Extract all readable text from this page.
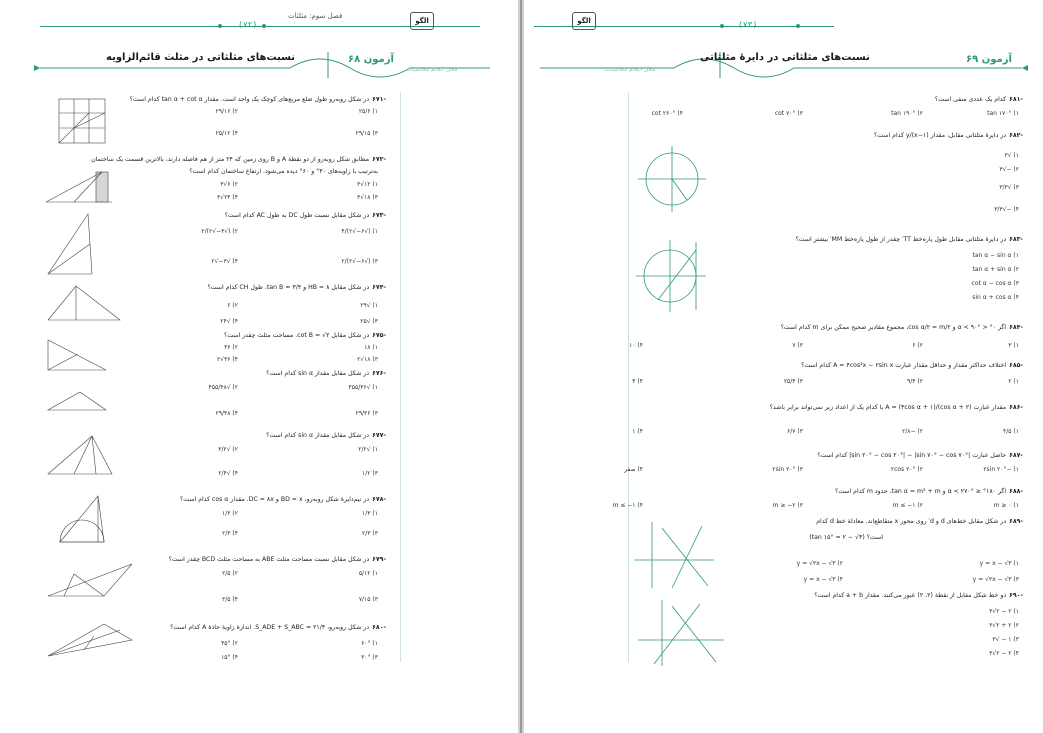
(۷۲)
فصل سوم: مثلثات
الگو
نسبت‌های مثلثاتی در مثلث قائم‌الزاویه	آزمون ۶۸
محل انجام محاسبات
-۶۷۱در شکل روبه‌رو طول ضلع مربع‌های کوچک یک واحد است. مقدار tan α + cot α کدام است؟
۱) ۲۵/۶
۲) ۲۹/۱۶
۳) ۲۹/۱۵
۴) ۲۵/۱۲
-۶۷۲مطابق شکل روبه‌رو از دو نقطهٔ A و B روی زمین که ۲۴ متر از هم فاصله دارند، بالاترین قسمت یک ساختمان
به‌ترتیب با زاویه‌های ۳۰° و ۶۰° دیده می‌شود. ارتفاع ساختمان کدام است؟
۱) ۱۲√۳
۲) ۶√۳
۳) ۱۸√۳
۴) ۲۴√۳
-۶۷۳در شکل مقابل نسبت طول DC به طول AC کدام است؟
۱) (√۶−√۲)/۴
۲) (√۳−√۲)/۲
۳) (√۶−√۲)/۲
۴) √۳−√۲
-۶۷۴در شکل مقابل HB = ۸ و tan B = ۳/۴، طول CH کدام است؟
۱) √۲۹
۲) ۶
۳) √۲۵
۴) √۲۴
-۶۷۵در شکل مقابل cot B = √۲. مساحت مثلث چقدر است؟
۱) ۱۸
۲) ۳۶
۳) ۱۸√۲
۴) ۳۶√۲
-۶۷۶در شکل مقابل مقدار sin α کدام است؟
۱) √۴۵۵/۳۶
۲) √۴۵۵/۴۸
۳) ۲۹/۳۶
۴) ۲۹/۴۸
-۶۷۷در شکل مقابل مقدار sin α کدام است؟
۱) √۲/۲
۲) √۳/۲
۳) ۱/۲
۴) √۲/۴
-۶۷۸در نیم‌دایرهٔ شکل روبه‌رو، BD = x و DC = ۸x. مقدار cos α کدام است؟
۱) ۱/۳
۲) ۱/۳
۳) ۲/۳
۴) ۲/۳
-۶۷۹در شکل مقابل نسبت مساحت مثلث ABE به مساحت مثلث BCD چقدر است؟
۱) ۵/۱۲
۲) ۲/۵
۳) ۷/۱۵
۴) ۳/۵
-۶۸۰در شکل روبه‌رو، S_ADE + S_ABC = ۲۱/۴. اندازهٔ زاویهٔ حادهٔ A کدام است؟
۱) ۶۰°
۲) ۴۵°
۳) ۳۰°
۴) ۱۵°
(۷۳)
الگو
نسبت‌های مثلثاتی در دایرهٔ مثلثاتی	آزمون ۶۹
محل انجام محاسبات
-۶۸۱کدام یک عددی منفی است؟
۱) tan ۱۷۰°
۲) tan ۱۹۰°
۳) cot ۷۰°
۴) cot ۲۶۰°
-۶۸۲در دایرهٔ مثلثاتی مقابل، مقدار y/(x−۱) کدام است؟
۱) √۳
۲) −√۳
۳) √۳/۳
۴) −√۳/۳
-۶۸۳در دایرهٔ مثلثاتی مقابل طول پاره‌خط TT′ چقدر از طول پاره‌خط MM′ بیشتر است؟
۱) tan α − sin α
۲) tan α + sin α
۳) cot α − cos α
۴) sin α + cos α
-۶۸۴اگر ۰° < α < ۹۰° و cos α/۲ = m/۲، مجموع مقادیر صحیح ممکن برای m کدام است؟
۱) ۳
۲) ۶
۳) ۷
۴) ۱۰
-۶۸۵اختلاف حداکثر مقدار و حداقل مقدار عبارت A = ۴cos²x − ۲sin x کدام است؟
۱) ۲
۲) ۹/۴
۳) ۲۵/۴
۴) ۴
-۶۸۶مقدار عبارت A = (۳cos α + ۱)/(cos α + ۲) با کدام یک از اعداد زیر نمی‌تواند برابر باشد؟
۱) ۴/۵
۲) −۲/۸
۳) ۶/۷
۴) ۱
-۶۸۷حاصل عبارت |sin ۲۰° − cos ۲۰°| − |sin ۷۰° − cos ۷۰°| کدام است؟
۱) −۲sin ۲۰°
۲) ۲cos ۲۰°
۳) ۲sin ۲۰°
۴) صفر
-۶۸۸اگر ۱۸۰° ≤ α < ۲۷۰° و tan α = m² + m، حدود m کدام است؟
۱) m ≥ ۰
۲) m ≤ −۱
۳) m ≥ −۲
۴) m ≤ −۱
-۶۸۹در شکل مقابل خط‌های d و d′ روی محور x متقاطع‌اند. معادلهٔ خط d کدام
است؟ (tan ۱۵° = ۲ − √۳)
۱) y = x − √۳
۲) y = √۳x − √۳
۳) y = √۳x − √۳
۴) y = x − √۳
-۶۹۰دو خط شکل مقابل از نقطهٔ (۲، ۲) عبور می‌کنند. مقدار a + b کدام است؟
۱) ۲ − ۲√۳
۲) ۲ + ۲√۳
۳) ۱ − √۳
۴) ۲ − ۲√۳
